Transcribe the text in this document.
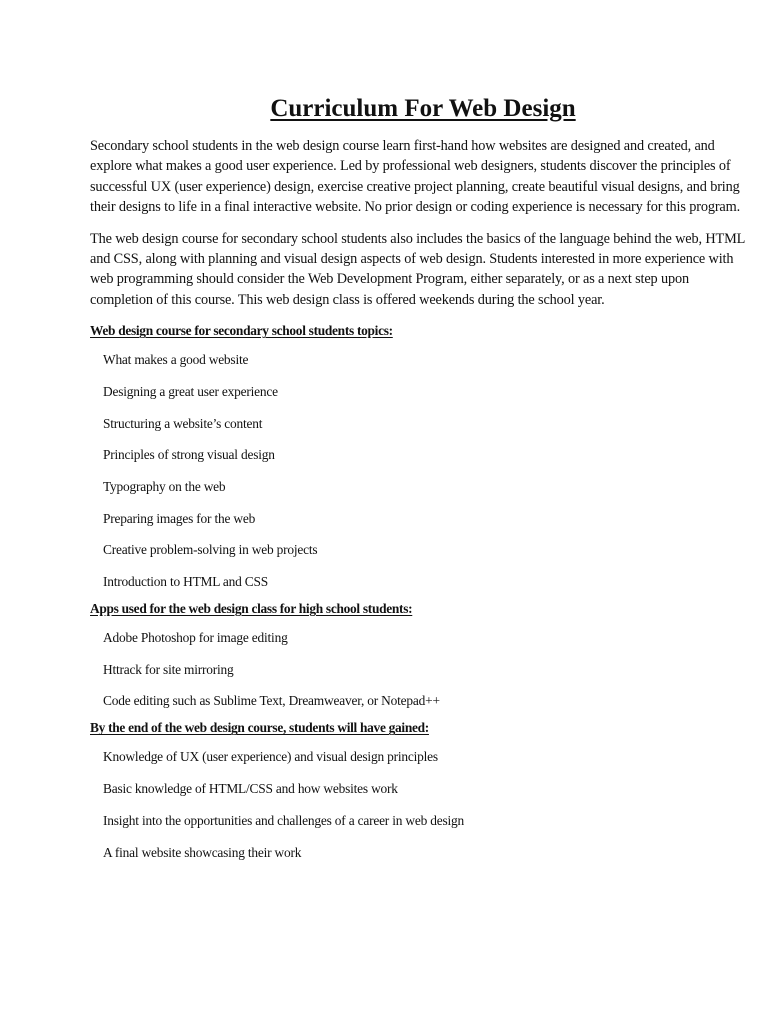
Curriculum For Web Design

Secondary school students in the web design course learn first-hand how websites are designed and created, and explore what makes a good user experience. Led by professional web designers, students discover the principles of successful UX (user experience) design, exercise creative project planning, create beautiful visual designs, and bring their designs to life in a final interactive website. No prior design or coding experience is necessary for this program.

The web design course for secondary school students also includes the basics of the language behind the web, HTML and CSS, along with planning and visual design aspects of web design. Students interested in more experience with web programming should consider the Web Development Program, either separately, or as a next step upon completion of this course. This web design class is offered weekends during the school year.

Web design course for secondary school students topics:

What makes a good website
Designing a great user experience
Structuring a website’s content
Principles of strong visual design
Typography on the web
Preparing images for the web
Creative problem-solving in web projects
Introduction to HTML and CSS

Apps used for the web design class for high school students:

Adobe Photoshop for image editing
Httrack for site mirroring
Code editing such as Sublime Text, Dreamweaver, or Notepad++

By the end of the web design course, students will have gained:

Knowledge of UX (user experience) and visual design principles
Basic knowledge of HTML/CSS and how websites work
Insight into the opportunities and challenges of a career in web design
A final website showcasing their work
